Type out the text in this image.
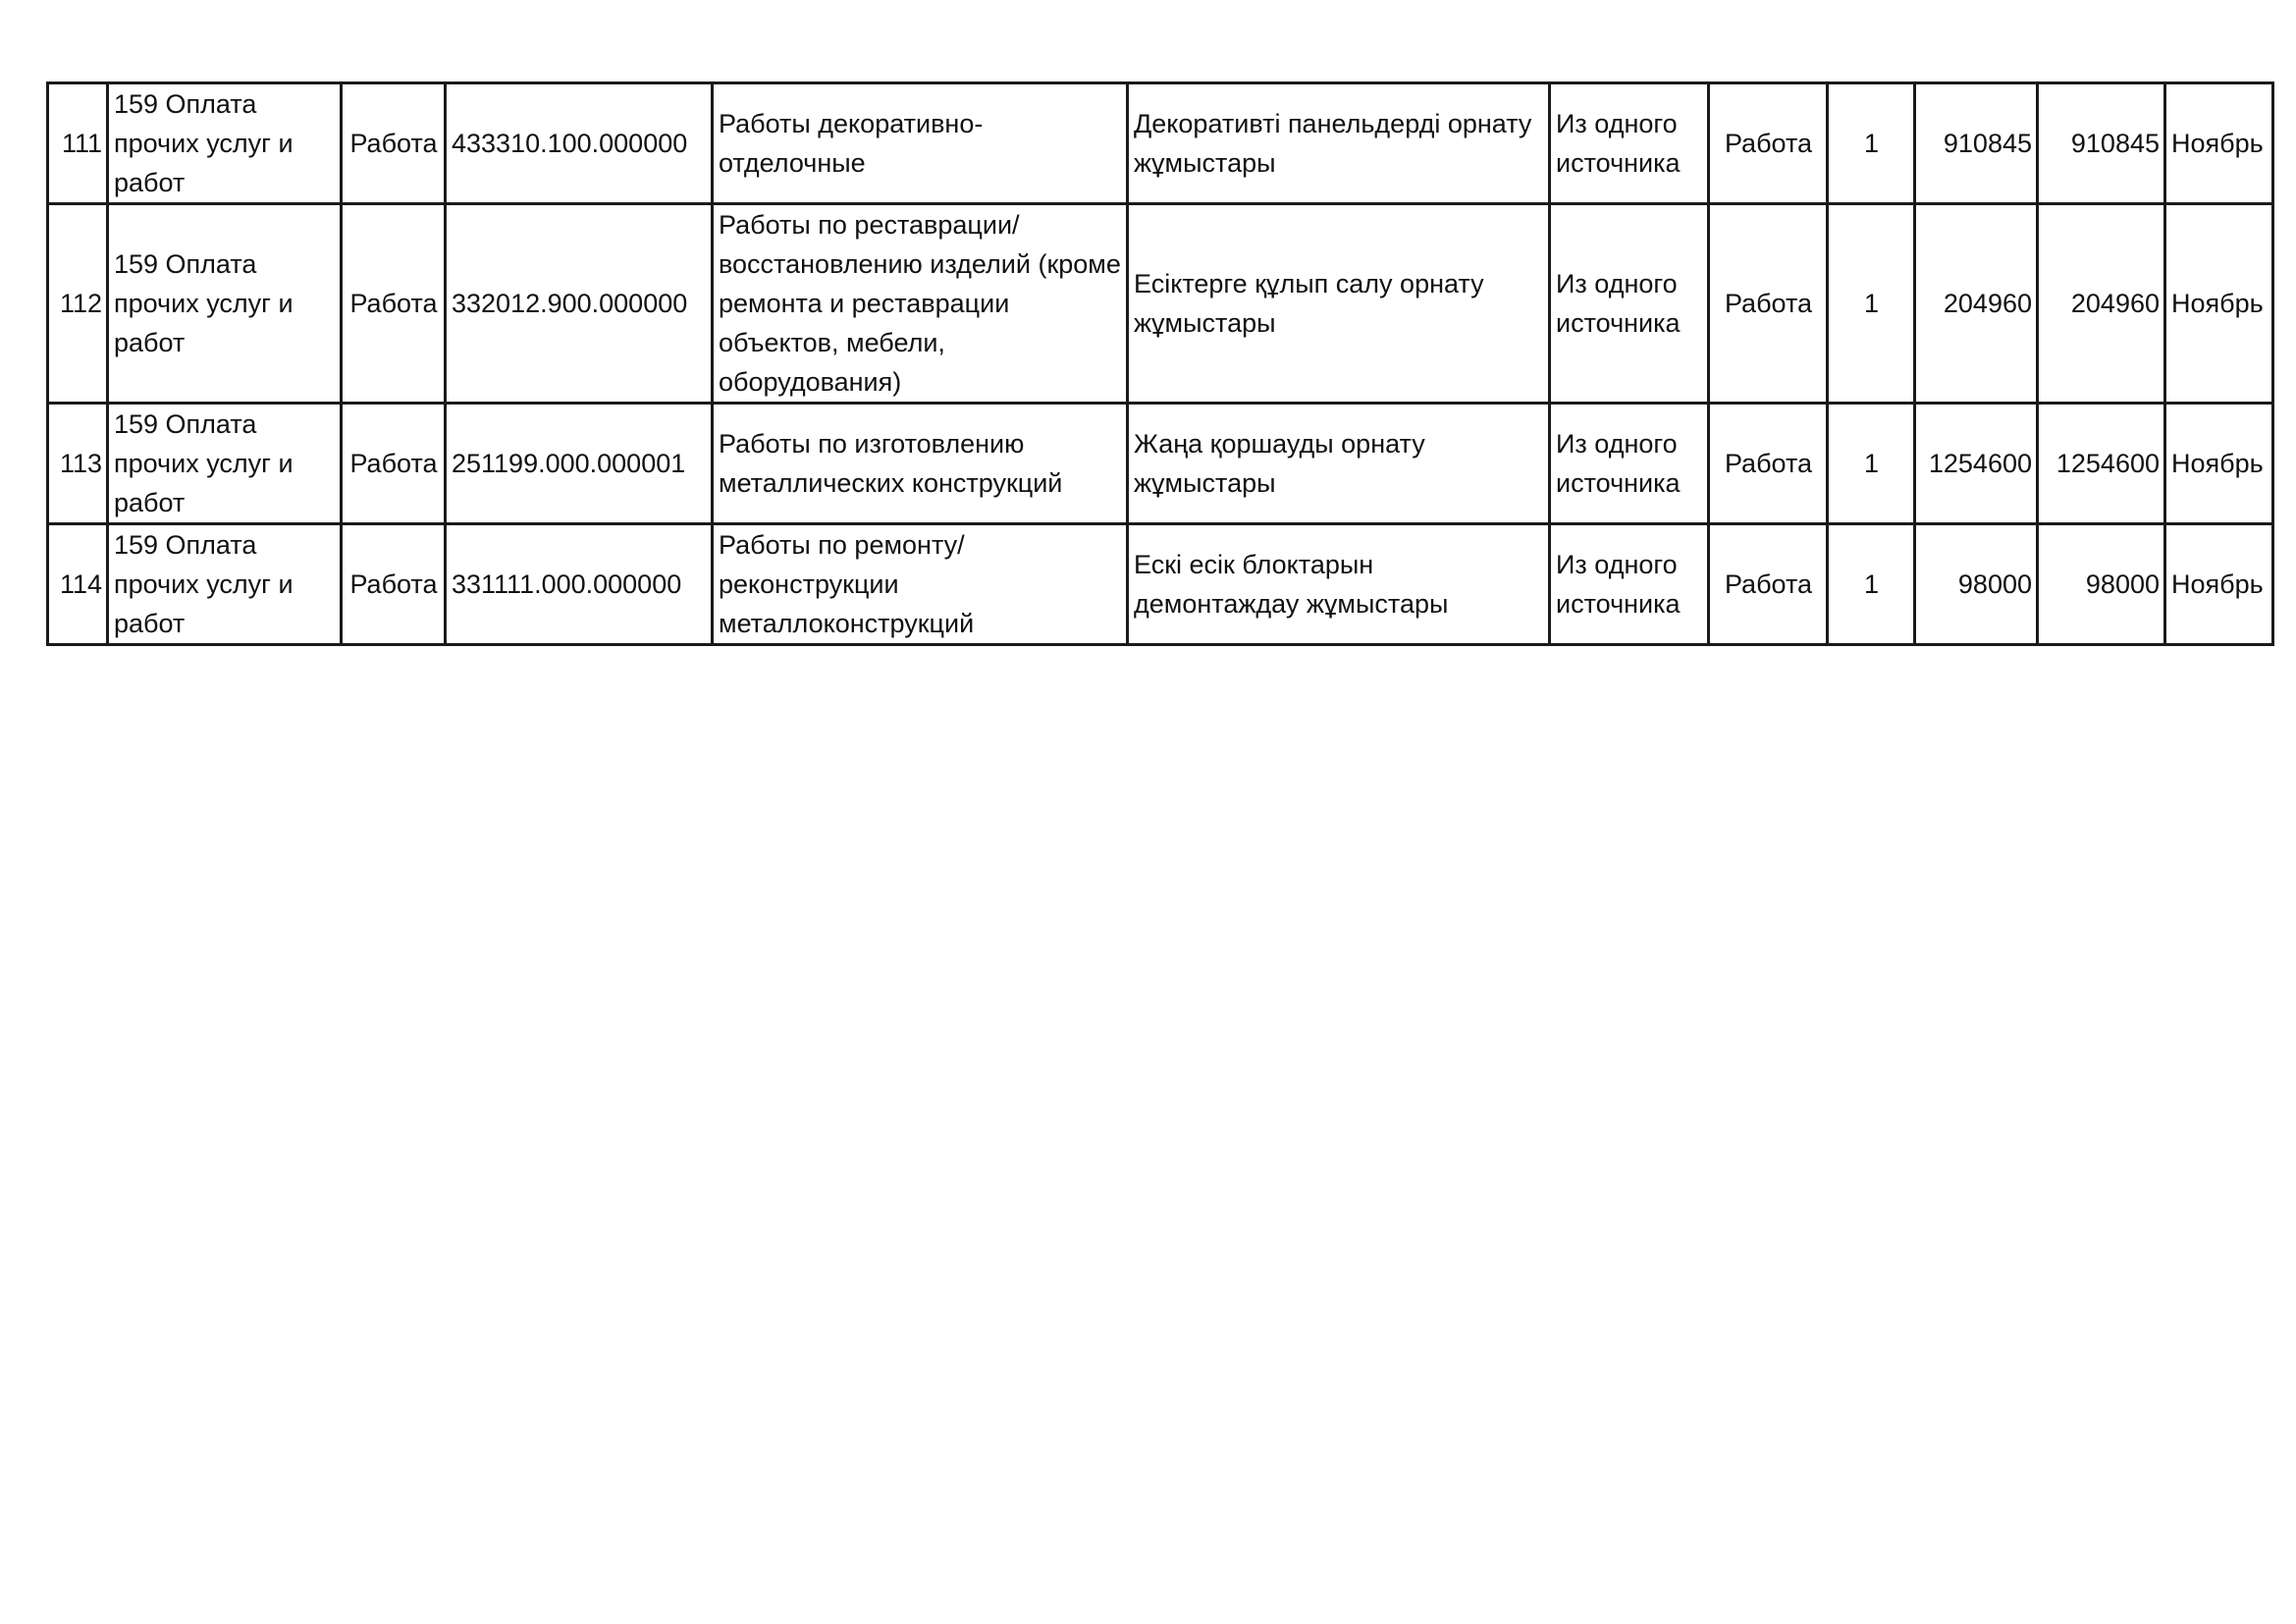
111	159 Оплата прочих услуг и работ	Работа	433310.100.000000	Работы декоративно-отделочные	Декоративті панельдерді орнату жұмыстары	Из одного источника	Работа	1	910845	910845	Ноябрь
112	159 Оплата прочих услуг и работ	Работа	332012.900.000000	Работы по реставрации/восстановлению изделий (кроме ремонта и реставрации объектов, мебели, оборудования)	Есіктерге құлып салу орнату жұмыстары	Из одного источника	Работа	1	204960	204960	Ноябрь
113	159 Оплата прочих услуг и работ	Работа	251199.000.000001	Работы по изготовлению металлических конструкций	Жаңа қоршауды орнату жұмыстары	Из одного источника	Работа	1	1254600	1254600	Ноябрь
114	159 Оплата прочих услуг и работ	Работа	331111.000.000000	Работы по ремонту/реконструкции металлоконструкций	Ескі есік блоктарын демонтаждау жұмыстары	Из одного источника	Работа	1	98000	98000	Ноябрь
